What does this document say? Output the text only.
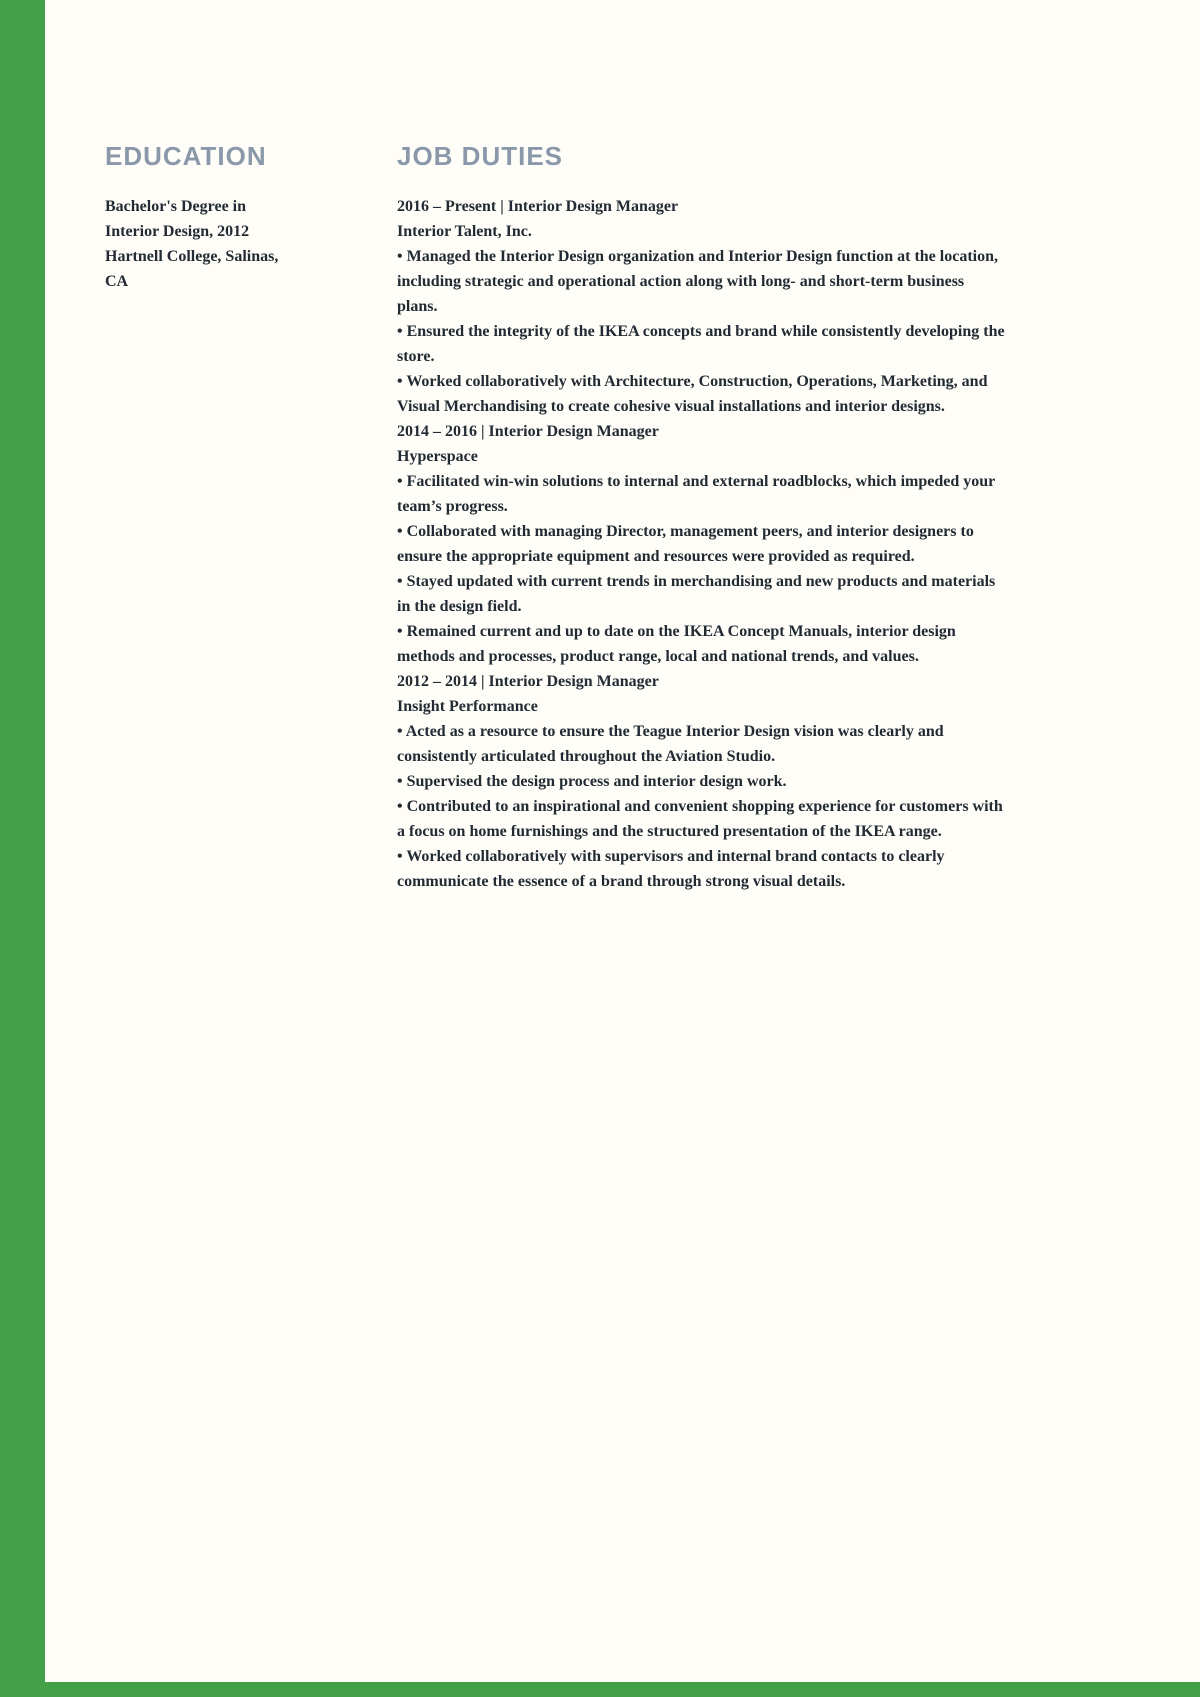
EDUCATION

Bachelor's Degree in Interior Design, 2012

Hartnell College, Salinas, CA

JOB DUTIES

2016 – Present | Interior Design Manager

Interior Talent, Inc.

• Managed the Interior Design organization and Interior Design function at the location, including strategic and operational action along with long- and short-term business plans.

• Ensured the integrity of the IKEA concepts and brand while consistently developing the store.

• Worked collaboratively with Architecture, Construction, Operations, Marketing, and Visual Merchandising to create cohesive visual installations and interior designs.

2014 – 2016 | Interior Design Manager

Hyperspace

• Facilitated win-win solutions to internal and external roadblocks, which impeded your team’s progress.

• Collaborated with managing Director, management peers, and interior designers to ensure the appropriate equipment and resources were provided as required.

• Stayed updated with current trends in merchandising and new products and materials in the design field.

• Remained current and up to date on the IKEA Concept Manuals, interior design methods and processes, product range, local and national trends, and values.

2012 – 2014 | Interior Design Manager

Insight Performance

• Acted as a resource to ensure the Teague Interior Design vision was clearly and consistently articulated throughout the Aviation Studio.

• Supervised the design process and interior design work.

• Contributed to an inspirational and convenient shopping experience for customers with a focus on home furnishings and the structured presentation of the IKEA range.

• Worked collaboratively with supervisors and internal brand contacts to clearly communicate the essence of a brand through strong visual details.
